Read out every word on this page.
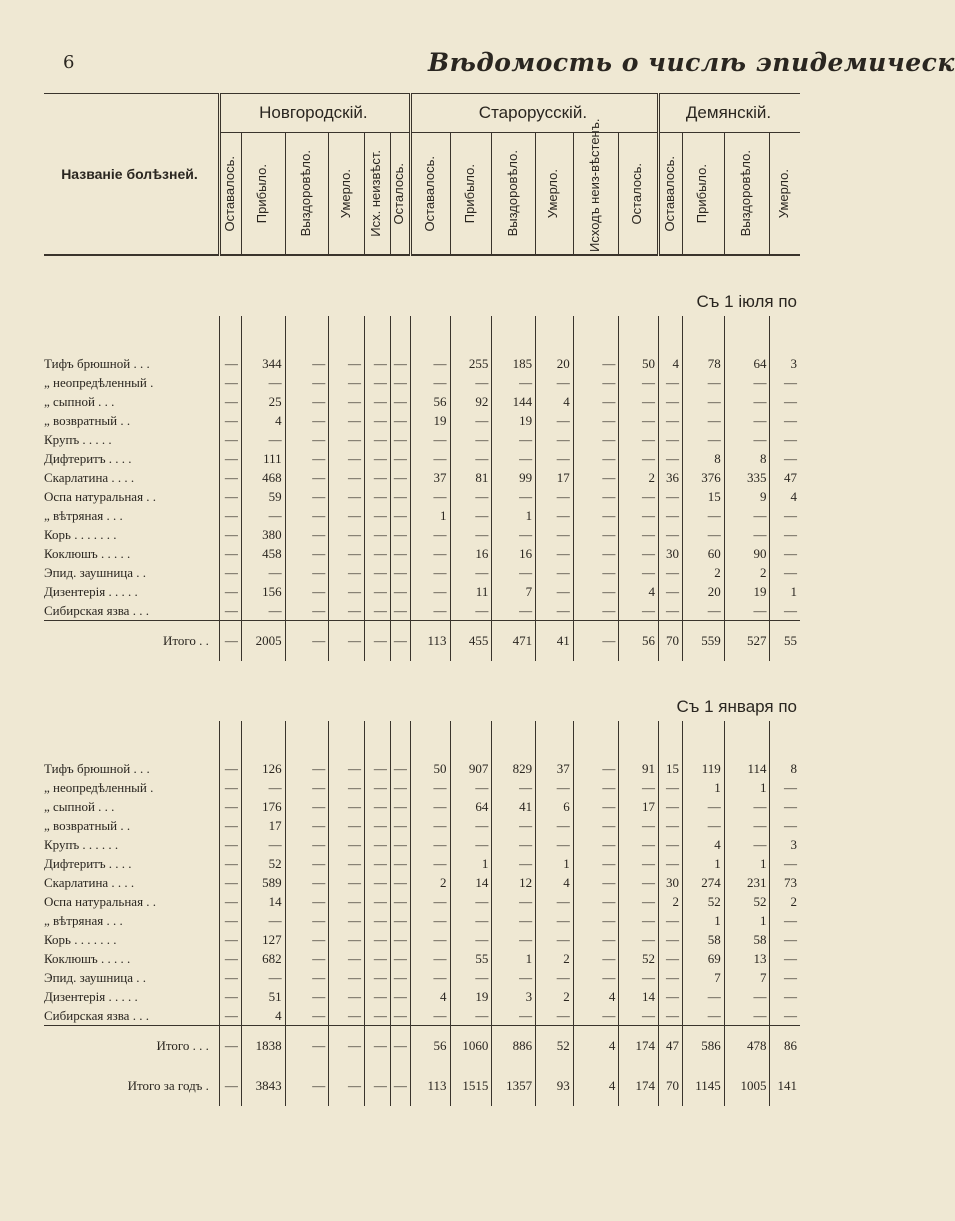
6	Вѣдомость о числѣ эпидемическ
Названіе болѣзней.	Новгородскій.						Старорусскій.						Демянскій.			

	Оставалось.	Прибыло.	Выздоровѣло.	Умерло.	Исх. неизвѣст.	Осталось.	Оставалось.	Прибыло.	Выздоровѣло.	Умерло.	Исходъ неиз-вѣстенъ.	Осталось.	Оставалось.	Прибыло.	Выздоровѣло.	Умерло.

Съ 1 іюля по																

Тифъ брюшной . . .	—	344	—	—	—	—	—	255	185	20	—	50	4	78	64	3
„ неопредѣленный .	—	—	—	—	—	—	—	—	—	—	—	—	—	—	—	—
„ сыпной . . .	—	25	—	—	—	—	56	92	144	4	—	—	—	—	—	—
„ возвратный . .	—	4	—	—	—	—	19	—	19	—	—	—	—	—	—	—
Крупъ . . . . .	—	—	—	—	—	—	—	—	—	—	—	—	—	—	—	—
Дифтеритъ . . . .	—	111	—	—	—	—	—	—	—	—	—	—	—	8	8	—
Скарлатина . . . .	—	468	—	—	—	—	37	81	99	17	—	2	36	376	335	47
Оспа натуральная . .	—	59	—	—	—	—	—	—	—	—	—	—	—	15	9	4
„ вѣтряная . . .	—	—	—	—	—	—	1	—	1	—	—	—	—	—	—	—
Корь . . . . . . .	—	380	—	—	—	—	—	—	—	—	—	—	—	—	—	—
Коклюшъ . . . . .	—	458	—	—	—	—	—	16	16	—	—	—	30	60	90	—
Эпид. заушница . .	—	—	—	—	—	—	—	—	—	—	—	—	—	2	2	—
Дизентерія . . . . .	—	156	—	—	—	—	—	11	7	—	—	4	—	20	19	1
Сибирская язва . . .	—	—	—	—	—	—	—	—	—	—	—	—	—	—	—	—
Итого . .	—	2005	—	—	—	—	113	455	471	41	—	56	70	559	527	55
Съ 1 января по																

Тифъ брюшной . . .	—	126	—	—	—	—	50	907	829	37	—	91	15	119	114	8
„ неопредѣленный .	—	—	—	—	—	—	—	—	—	—	—	—	—	1	1	—
„ сыпной . . .	—	176	—	—	—	—	—	64	41	6	—	17	—	—	—	—
„ возвратный . .	—	17	—	—	—	—	—	—	—	—	—	—	—	—	—	—
Крупъ . . . . . .	—	—	—	—	—	—	—	—	—	—	—	—	—	4	—	3
Дифтеритъ . . . .	—	52	—	—	—	—	—	1	—	1	—	—	—	1	1	—
Скарлатина . . . .	—	589	—	—	—	—	2	14	12	4	—	—	30	274	231	73
Оспа натуральная . .	—	14	—	—	—	—	—	—	—	—	—	—	2	52	52	2
„ вѣтряная . . .	—	—	—	—	—	—	—	—	—	—	—	—	—	1	1	—
Корь . . . . . . .	—	127	—	—	—	—	—	—	—	—	—	—	—	58	58	—
Коклюшъ . . . . .	—	682	—	—	—	—	—	55	1	2	—	52	—	69	13	—
Эпид. заушница . .	—	—	—	—	—	—	—	—	—	—	—	—	—	7	7	—
Дизентерія . . . . .	—	51	—	—	—	—	4	19	3	2	4	14	—	—	—	—
Сибирская язва . . .	—	4	—	—	—	—	—	—	—	—	—	—	—	—	—	—
Итого . . .	—	1838	—	—	—	—	56	1060	886	52	4	174	47	586	478	86
Итого за годъ .	—	3843	—	—	—	—	113	1515	1357	93	4	174	70	1145	1005	141
